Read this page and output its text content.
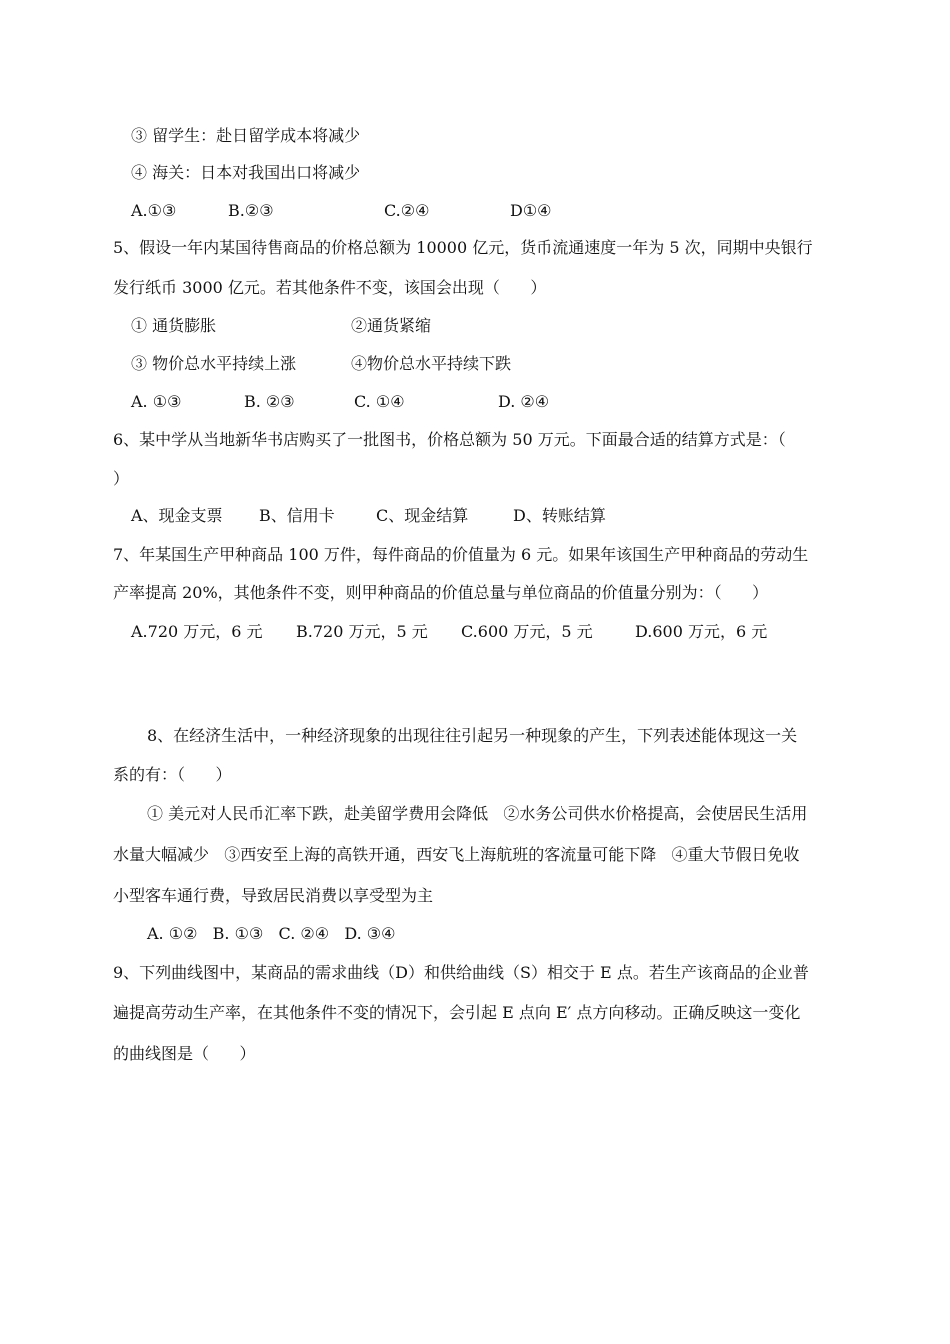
③ 留学生：赴日留学成本将减少
④ 海关：日本对我国出口将减少
A.①③	B.②③	C.②④	D①④
5、假设一年内某国待售商品的价格总额为 10000 亿元，货币流通速度一年为 5 次，同期中央银行
发行纸币 3000 亿元。若其他条件不变，该国会出现（      ）
① 通货膨胀	②通货紧缩
③ 物价总水平持续上涨	④物价总水平持续下跌
A. ①③	B. ②③	C. ①④	D. ②④
6、某中学从当地新华书店购买了一批图书，价格总额为 50 万元。下面最合适的结算方式是：（
）
A、现金支票 B、信用卡	C、现金结算	D、转账结算
7、年某国生产甲种商品 100 万件，每件商品的价值量为 6 元。如果年该国生产甲种商品的劳动生
产率提高 20%，其他条件不变，则甲种商品的价值总量与单位商品的价值量分别为：（      ）
A.720 万元，6 元 B.720 万元，5 元 C.600 万元，5 元	D.600 万元，6 元
8、在经济生活中，一种经济现象的出现往往引起另一种现象的产生，下列表述能体现这一关
系的有：（      ）
① 美元对人民币汇率下跌，赴美留学费用会降低   ②水务公司供水价格提高，会使居民生活用
水量大幅减少   ③西安至上海的高铁开通，西安飞上海航班的客流量可能下降   ④重大节假日免收
小型客车通行费，导致居民消费以享受型为主
A. ①②   B. ①③   C. ②④   D. ③④
9、下列曲线图中，某商品的需求曲线（D）和供给曲线（S）相交于 E 点。若生产该商品的企业普
遍提高劳动生产率，在其他条件不变的情况下，会引起 E 点向 E′ 点方向移动。正确反映这一变化
的曲线图是（      ）
